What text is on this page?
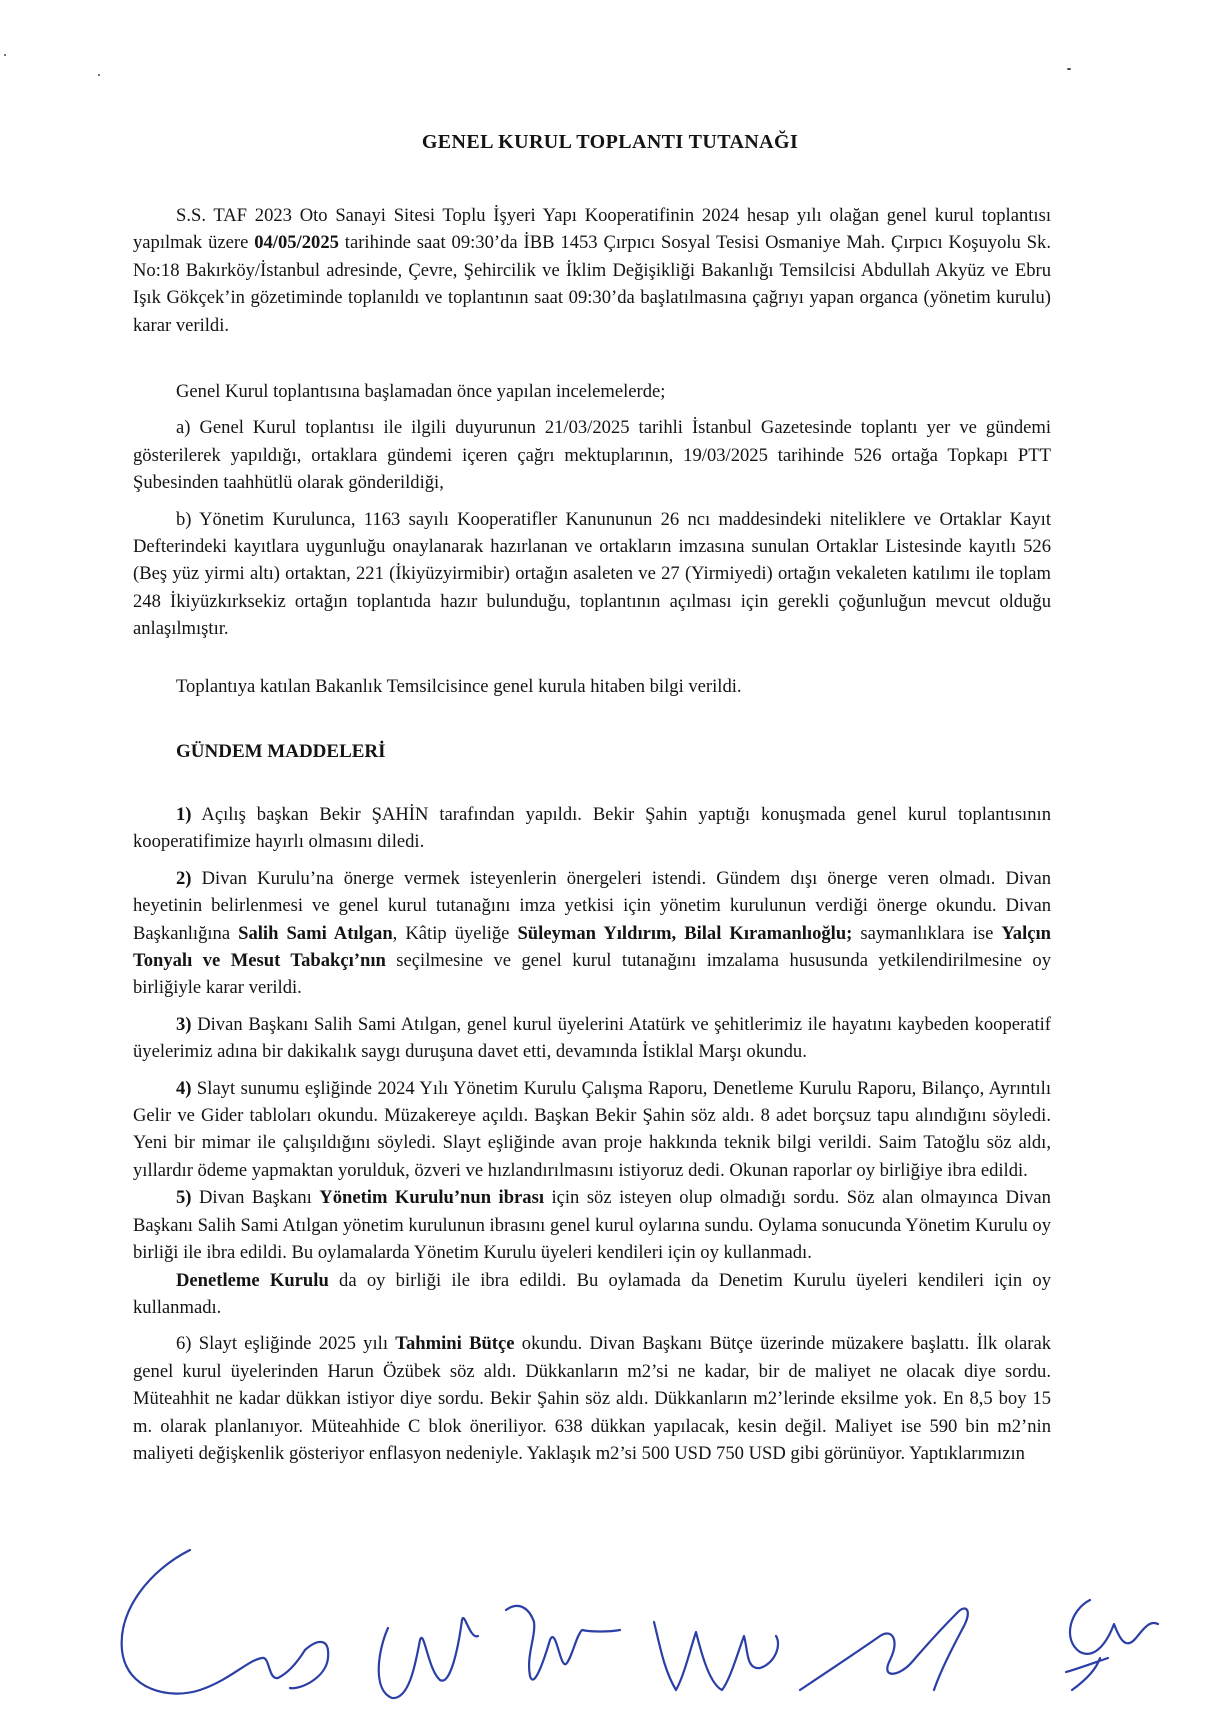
GENEL KURUL TOPLANTI TUTANAĞI

S.S. TAF 2023 Oto Sanayi Sitesi Toplu İşyeri Yapı Kooperatifinin 2024 hesap yılı olağan genel kurul toplantısı yapılmak üzere 04/05/2025 tarihinde saat 09:30’da İBB 1453 Çırpıcı Sosyal Tesisi Osmaniye Mah. Çırpıcı Koşuyolu Sk. No:18 Bakırköy/İstanbul adresinde, Çevre, Şehircilik ve İklim Değişikliği Bakanlığı Temsilcisi Abdullah Akyüz ve Ebru Işık Gökçek’in gözetiminde toplanıldı ve toplantının saat 09:30’da başlatılmasına çağrıyı yapan organca (yönetim kurulu) karar verildi.

Genel Kurul toplantısına başlamadan önce yapılan incelemelerde;

a) Genel Kurul toplantısı ile ilgili duyurunun 21/03/2025 tarihli İstanbul Gazetesinde toplantı yer ve gündemi gösterilerek yapıldığı, ortaklara gündemi içeren çağrı mektuplarının, 19/03/2025 tarihinde 526 ortağa Topkapı PTT Şubesinden taahhütlü olarak gönderildiği,

b) Yönetim Kurulunca, 1163 sayılı Kooperatifler Kanununun 26 ncı maddesindeki niteliklere ve Ortaklar Kayıt Defterindeki kayıtlara uygunluğu onaylanarak hazırlanan ve ortakların imzasına sunulan Ortaklar Listesinde kayıtlı 526 (Beş yüz yirmi altı) ortaktan, 221 (İkiyüzyirmibir) ortağın asaleten ve 27 (Yirmiyedi) ortağın vekaleten katılımı ile toplam 248 İkiyüzkırksekiz ortağın toplantıda hazır bulunduğu, toplantının açılması için gerekli çoğunluğun mevcut olduğu anlaşılmıştır.

Toplantıya katılan Bakanlık Temsilcisince genel kurula hitaben bilgi verildi.

GÜNDEM MADDELERİ

1) Açılış başkan Bekir ŞAHİN tarafından yapıldı. Bekir Şahin yaptığı konuşmada genel kurul toplantısının kooperatifimize hayırlı olmasını diledi.

2) Divan Kurulu’na önerge vermek isteyenlerin önergeleri istendi. Gündem dışı önerge veren olmadı. Divan heyetinin belirlenmesi ve genel kurul tutanağını imza yetkisi için yönetim kurulunun verdiği önerge okundu. Divan Başkanlığına Salih Sami Atılgan, Kâtip üyeliğe Süleyman Yıldırım, Bilal Kıramanlıoğlu; saymanlıklara ise Yalçın Tonyalı ve Mesut Tabakçı’nın seçilmesine ve genel kurul tutanağını imzalama hususunda yetkilendirilmesine oy birliğiyle karar verildi.

3) Divan Başkanı Salih Sami Atılgan, genel kurul üyelerini Atatürk ve şehitlerimiz ile hayatını kaybeden kooperatif üyelerimiz adına bir dakikalık saygı duruşuna davet etti, devamında İstiklal Marşı okundu.

4) Slayt sunumu eşliğinde 2024 Yılı Yönetim Kurulu Çalışma Raporu, Denetleme Kurulu Raporu, Bilanço, Ayrıntılı Gelir ve Gider tabloları okundu. Müzakereye açıldı. Başkan Bekir Şahin söz aldı. 8 adet borçsuz tapu alındığını söyledi. Yeni bir mimar ile çalışıldığını söyledi. Slayt eşliğinde avan proje hakkında teknik bilgi verildi. Saim Tatoğlu söz aldı, yıllardır ödeme yapmaktan yorulduk, özveri ve hızlandırılmasını istiyoruz dedi. Okunan raporlar oy birliğiye ibra edildi.

5) Divan Başkanı Yönetim Kurulu’nun ibrası için söz isteyen olup olmadığı sordu. Söz alan olmayınca Divan Başkanı Salih Sami Atılgan yönetim kurulunun ibrasını genel kurul oylarına sundu. Oylama sonucunda Yönetim Kurulu oy birliği ile ibra edildi. Bu oylamalarda Yönetim Kurulu üyeleri kendileri için oy kullanmadı.

Denetleme Kurulu da oy birliği ile ibra edildi. Bu oylamada da Denetim Kurulu üyeleri kendileri için oy kullanmadı.

6) Slayt eşliğinde 2025 yılı Tahmini Bütçe okundu. Divan Başkanı Bütçe üzerinde müzakere başlattı. İlk olarak genel kurul üyelerinden Harun Özübek söz aldı. Dükkanların m2’si ne kadar, bir de maliyet ne olacak diye sordu. Müteahhit ne kadar dükkan istiyor diye sordu. Bekir Şahin söz aldı. Dükkanların m2’lerinde eksilme yok. En 8,5 boy 15 m. olarak planlanıyor. Müteahhide C blok öneriliyor. 638 dükkan yapılacak, kesin değil. Maliyet ise 590 bin m2’nin maliyeti değişkenlik gösteriyor enflasyon nedeniyle. Yaklaşık m2’si 500 USD 750 USD gibi görünüyor. Yaptıklarımızın
